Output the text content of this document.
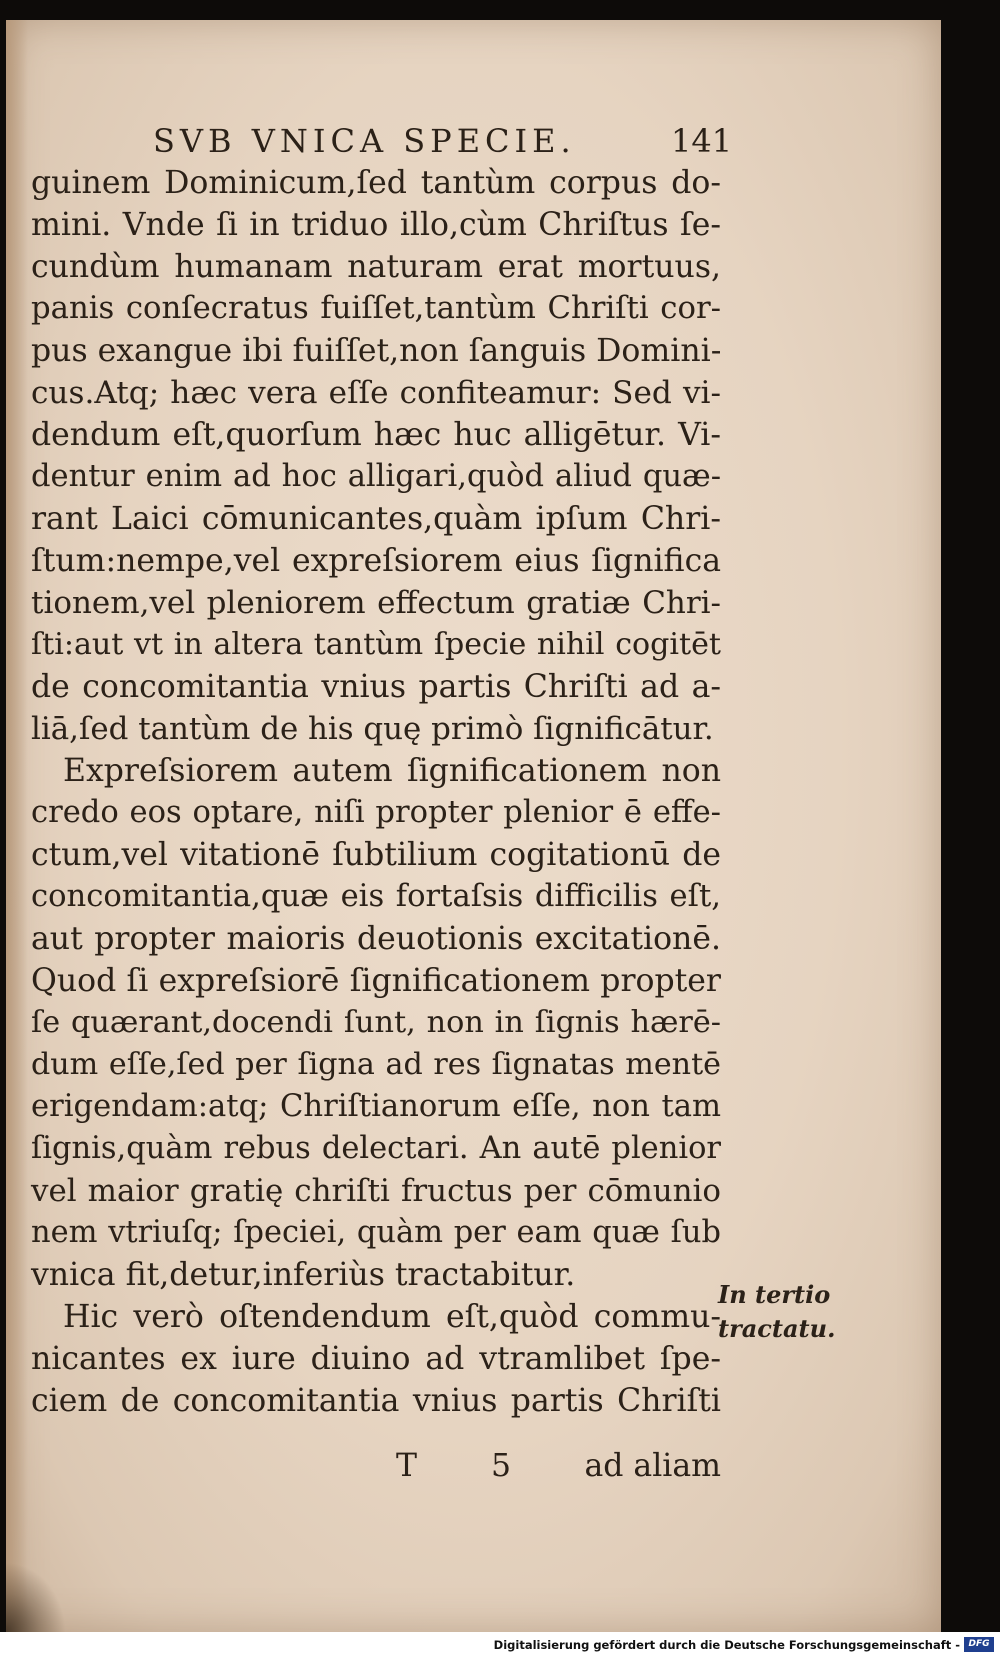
SVB VNICA SPECIE.	141
guinem Dominicum,ſed tantùm corpus do-
mini. Vnde ſi in triduo illo,cùm Chriſtus ſe-
cundùm humanam naturam erat mortuus,
panis conſecratus fuiſſet,tantùm Chriſti cor-
pus exangue ibi fuiſſet,non ſanguis Domini-
cus.Atq; hæc vera eſſe confiteamur: Sed vi-
dendum eſt,quorſum hæc huc alligētur. Vi-
dentur enim ad hoc alligari,quòd aliud quæ-
rant Laici cōmunicantes,quàm ipſum Chri-
ſtum:nempe,vel expreſsiorem eius ſignifica
tionem,vel pleniorem effectum gratiæ Chri-
ſti:aut vt in altera tantùm ſpecie nihil cogitēt
de concomitantia vnius partis Chriſti ad a-
liā,ſed tantùm de his quę primò ſignificātur.
Expreſsiorem autem ſignificationem non
credo eos optare, niſi propter plenior ē effe-
ctum,vel vitationē ſubtilium cogitationū de
concomitantia,quæ eis fortaſsis difficilis eſt,
aut propter maioris deuotionis excitationē.
Quod ſi expreſsiorē ſignificationem propter
ſe quærant,docendi ſunt, non in ſignis hærē-
dum eſſe,ſed per ſigna ad res ſignatas mentē
erigendam:atq; Chriſtianorum eſſe, non tam
ſignis,quàm rebus delectari. An autē plenior
vel maior gratię chriſti fructus per cōmunio
nem vtriuſq; ſpeciei, quàm per eam quæ ſub
vnica fit,detur,inferiùs tractabitur.
Hic verò oſtendendum eſt,quòd commu-
nicantes ex iure diuino ad vtramlibet ſpe-
ciem de concomitantia vnius partis Chriſti
In tertio
tractatu.
T 5 ad aliam
Digitalisierung gefördert durch die Deutsche Forschungsgemeinschaft - DFG
